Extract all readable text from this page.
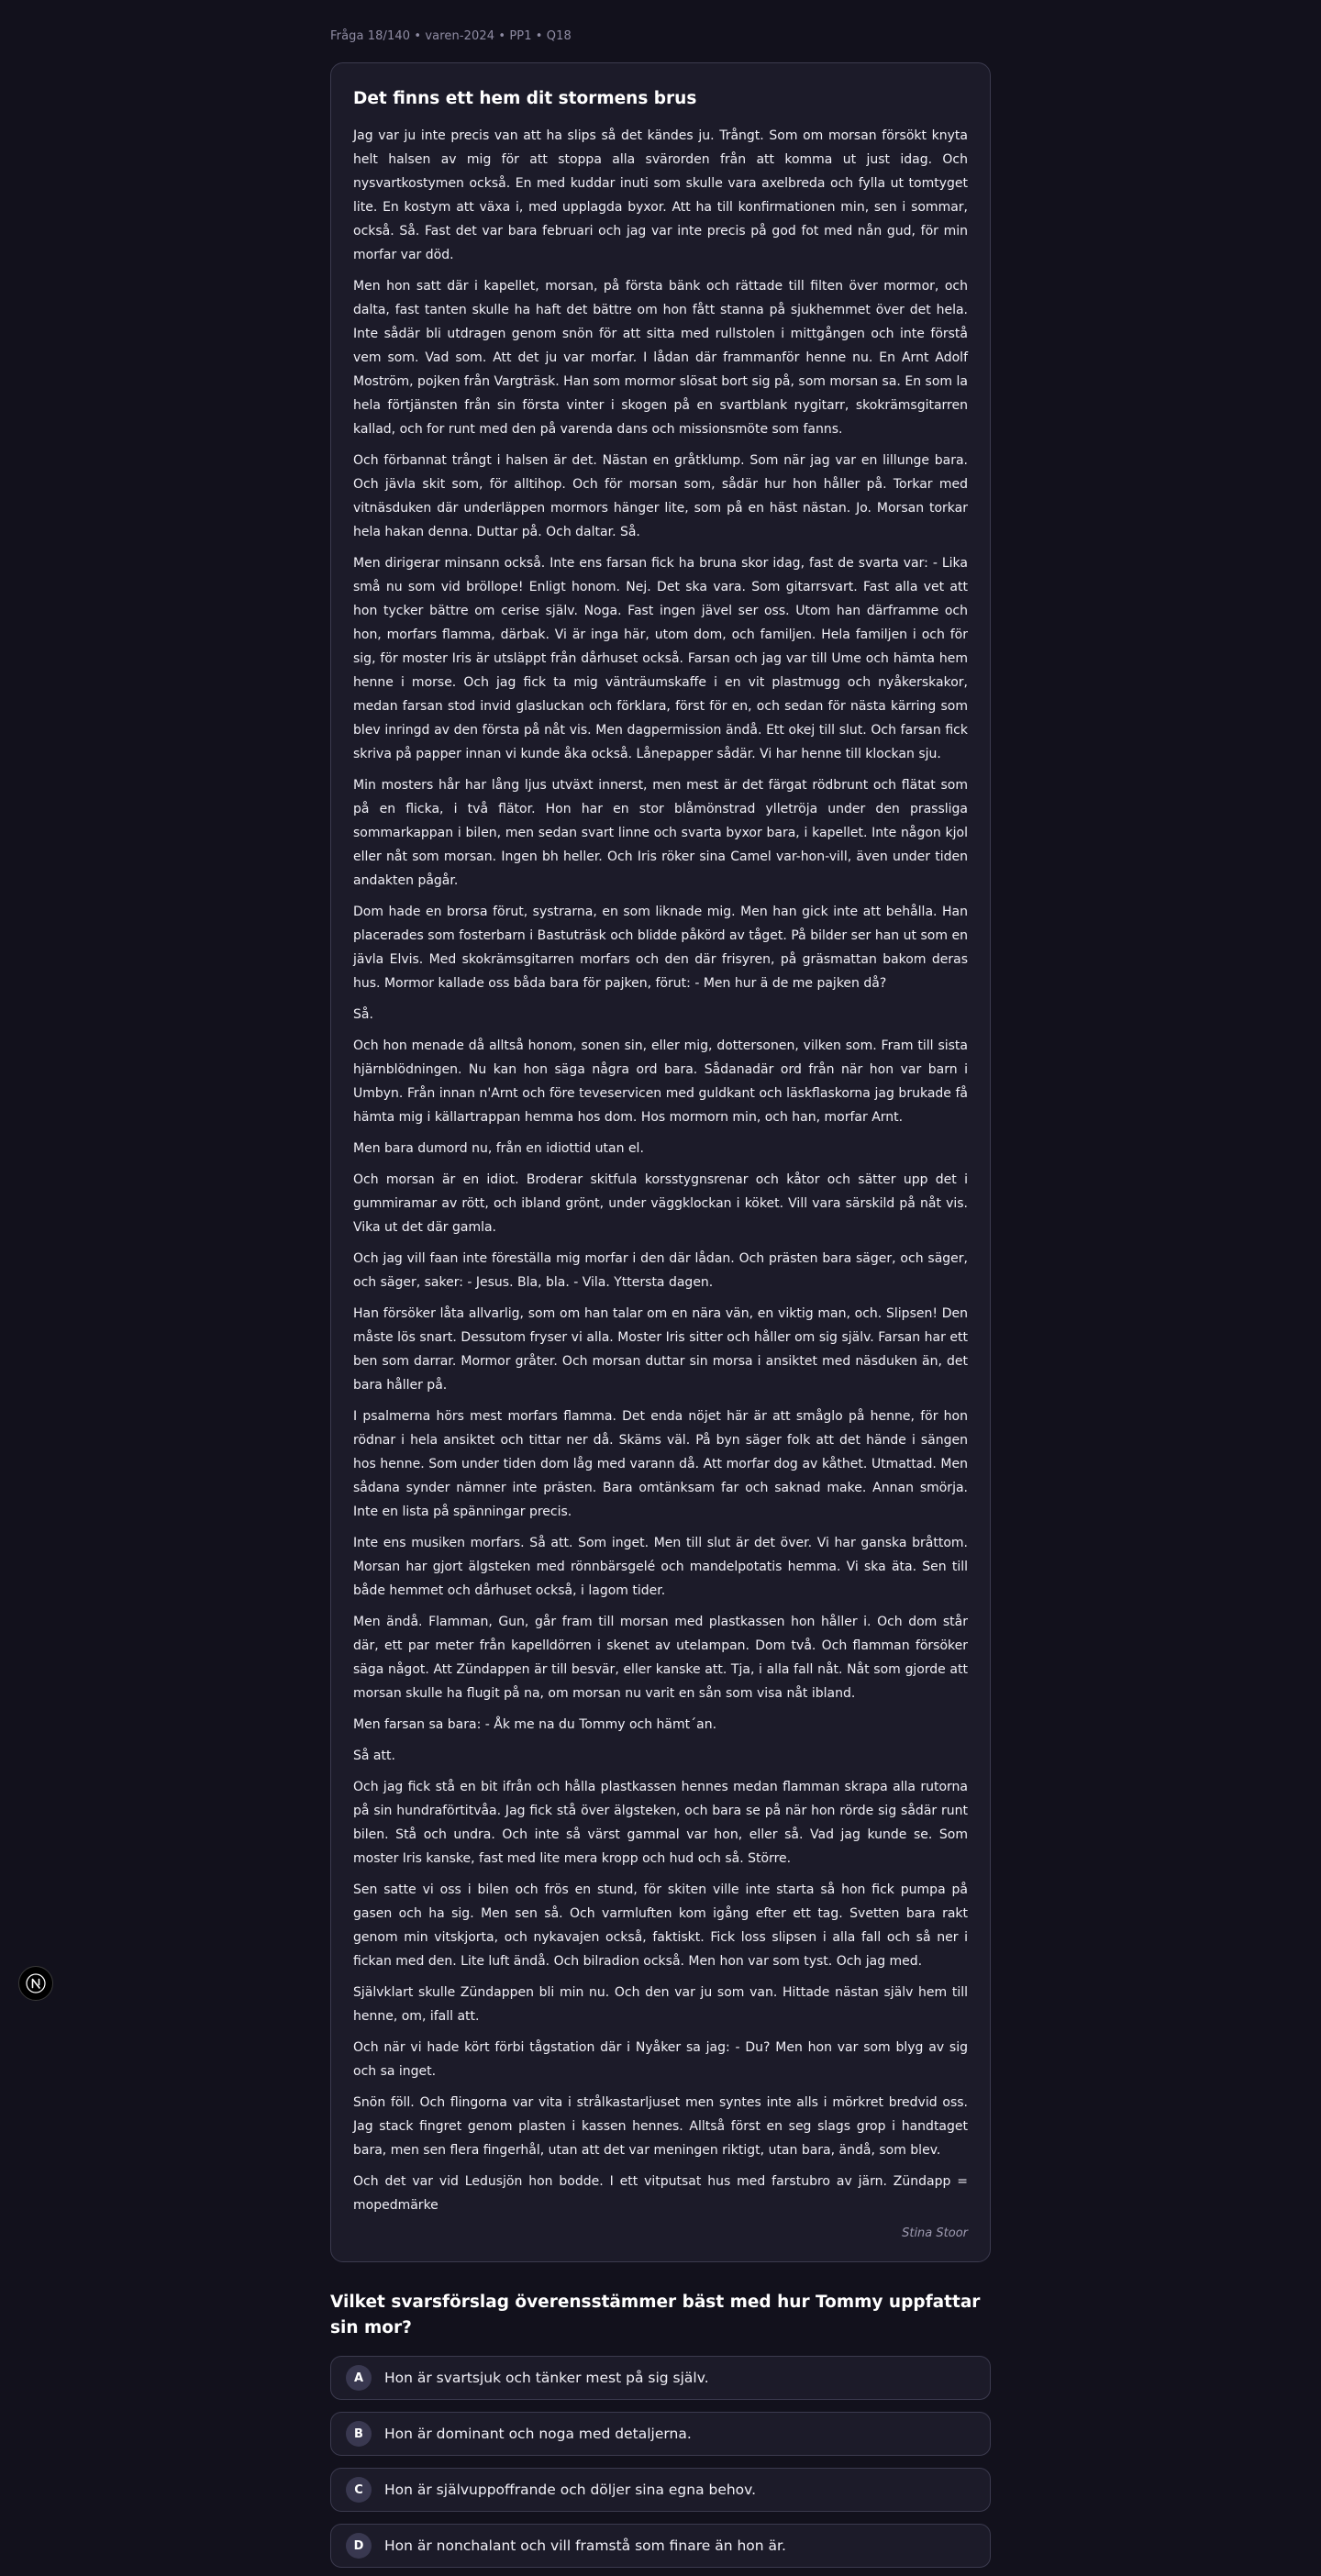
Fråga 18/140 • varen-2024 • PP1 • Q18
Det finns ett hem dit stormens brus

Jag var ju inte precis van att ha slips så det kändes ju. Trångt. Som om morsan försökt knyta helt halsen av mig för att stoppa alla svärorden från att komma ut just idag. Och nysvartkostymen också. En med kuddar inuti som skulle vara axelbreda och fylla ut tomtyget lite. En kostym att växa i, med upplagda byxor. Att ha till konfirmationen min, sen i sommar, också. Så. Fast det var bara februari och jag var inte precis på god fot med nån gud, för min morfar var död.

Men hon satt där i kapellet, morsan, på första bänk och rättade till filten över mormor, och dalta, fast tanten skulle ha haft det bättre om hon fått stanna på sjukhemmet över det hela. Inte sådär bli utdragen genom snön för att sitta med rullstolen i mittgången och inte förstå vem som. Vad som. Att det ju var morfar. I lådan där frammanför henne nu. En Arnt Adolf Moström, pojken från Vargträsk. Han som mormor slösat bort sig på, som morsan sa. En som la hela förtjänsten från sin första vinter i skogen på en svartblank nygitarr, skokrämsgitarren kallad, och for runt med den på varenda dans och missionsmöte som fanns.

Och förbannat trångt i halsen är det. Nästan en gråtklump. Som när jag var en lillunge bara. Och jävla skit som, för alltihop. Och för morsan som, sådär hur hon håller på. Torkar med vitnäsduken där underläppen mormors hänger lite, som på en häst nästan. Jo. Morsan torkar hela hakan denna. Duttar på. Och daltar. Så.

Men dirigerar minsann också. Inte ens farsan fick ha bruna skor idag, fast de svarta var: - Lika små nu som vid bröllope! Enligt honom. Nej. Det ska vara. Som gitarrsvart. Fast alla vet att hon tycker bättre om cerise själv. Noga. Fast ingen jävel ser oss. Utom han därframme och hon, morfars flamma, därbak. Vi är inga här, utom dom, och familjen. Hela familjen i och för sig, för moster Iris är utsläppt från dårhuset också. Farsan och jag var till Ume och hämta hem henne i morse. Och jag fick ta mig vänträumskaffe i en vit plastmugg och nyåkerskakor, medan farsan stod invid glasluckan och förklara, först för en, och sedan för nästa kärring som blev inringd av den första på nåt vis. Men dagpermission ändå. Ett okej till slut. Och farsan fick skriva på papper innan vi kunde åka också. Lånepapper sådär. Vi har henne till klockan sju.

Min mosters hår har lång ljus utväxt innerst, men mest är det färgat rödbrunt och flätat som på en flicka, i två flätor. Hon har en stor blåmönstrad ylletröja under den prassliga sommarkappan i bilen, men sedan svart linne och svarta byxor bara, i kapellet. Inte någon kjol eller nåt som morsan. Ingen bh heller. Och Iris röker sina Camel var-hon-vill, även under tiden andakten pågår.

Dom hade en brorsa förut, systrarna, en som liknade mig. Men han gick inte att behålla. Han placerades som fosterbarn i Bastuträsk och blidde påkörd av tåget. På bilder ser han ut som en jävla Elvis. Med skokrämsgitarren morfars och den där frisyren, på gräsmattan bakom deras hus. Mormor kallade oss båda bara för pajken, förut: - Men hur ä de me pajken då?

Så.

Och hon menade då alltså honom, sonen sin, eller mig, dottersonen, vilken som. Fram till sista hjärnblödningen. Nu kan hon säga några ord bara. Sådanadär ord från när hon var barn i Umbyn. Från innan n'Arnt och före teveservicen med guldkant och läskflaskorna jag brukade få hämta mig i källartrappan hemma hos dom. Hos mormorn min, och han, morfar Arnt.

Men bara dumord nu, från en idiottid utan el.

Och morsan är en idiot. Broderar skitfula korsstygnsrenar och kåtor och sätter upp det i gummiramar av rött, och ibland grönt, under väggklockan i köket. Vill vara särskild på nåt vis. Vika ut det där gamla.

Och jag vill faan inte föreställa mig morfar i den där lådan. Och prästen bara säger, och säger, och säger, saker: - Jesus. Bla, bla. - Vila. Yttersta dagen.

Han försöker låta allvarlig, som om han talar om en nära vän, en viktig man, och. Slipsen! Den måste lös snart. Dessutom fryser vi alla. Moster Iris sitter och håller om sig själv. Farsan har ett ben som darrar. Mormor gråter. Och morsan duttar sin morsa i ansiktet med näsduken än, det bara håller på.

I psalmerna hörs mest morfars flamma. Det enda nöjet här är att småglo på henne, för hon rödnar i hela ansiktet och tittar ner då. Skäms väl. På byn säger folk att det hände i sängen hos henne. Som under tiden dom låg med varann då. Att morfar dog av kåthet. Utmattad. Men sådana synder nämner inte prästen. Bara omtänksam far och saknad make. Annan smörja. Inte en lista på spänningar precis.

Inte ens musiken morfars. Så att. Som inget. Men till slut är det över. Vi har ganska bråttom. Morsan har gjort älgsteken med rönnbärsgelé och mandelpotatis hemma. Vi ska äta. Sen till både hemmet och dårhuset också, i lagom tider.

Men ändå. Flamman, Gun, går fram till morsan med plastkassen hon håller i. Och dom står där, ett par meter från kapelldörren i skenet av utelampan. Dom två. Och flamman försöker säga något. Att Zündappen är till besvär, eller kanske att. Tja, i alla fall nåt. Nåt som gjorde att morsan skulle ha flugit på na, om morsan nu varit en sån som visa nåt ibland.

Men farsan sa bara: - Åk me na du Tommy och hämt´an.

Så att.

Och jag fick stå en bit ifrån och hålla plastkassen hennes medan flamman skrapa alla rutorna på sin hundraförtitvåa. Jag fick stå över älgsteken, och bara se på när hon rörde sig sådär runt bilen. Stå och undra. Och inte så värst gammal var hon, eller så. Vad jag kunde se. Som moster Iris kanske, fast med lite mera kropp och hud och så. Större.

Sen satte vi oss i bilen och frös en stund, för skiten ville inte starta så hon fick pumpa på gasen och ha sig. Men sen så. Och varmluften kom igång efter ett tag. Svetten bara rakt genom min vitskjorta, och nykavajen också, faktiskt. Fick loss slipsen i alla fall och så ner i fickan med den. Lite luft ändå. Och bilradion också. Men hon var som tyst. Och jag med.

Självklart skulle Zündappen bli min nu. Och den var ju som van. Hittade nästan själv hem till henne, om, ifall att.

Och när vi hade kört förbi tågstation där i Nyåker sa jag: - Du? Men hon var som blyg av sig och sa inget.

Snön föll. Och flingorna var vita i strålkastarljuset men syntes inte alls i mörkret bredvid oss. Jag stack fingret genom plasten i kassen hennes. Alltså först en seg slags grop i handtaget bara, men sen flera fingerhål, utan att det var meningen riktigt, utan bara, ändå, som blev.

Och det var vid Ledusjön hon bodde. I ett vitputsat hus med farstubro av järn. Zündapp = mopedmärke

Stina Stoor
Vilket svarsförslag överensstämmer bäst med hur Tommy uppfattar sin mor?
A	Hon är svartsjuk och tänker mest på sig själv.
B	Hon är dominant och noga med detaljerna.
C	Hon är självuppoffrande och döljer sina egna behov.
D	Hon är nonchalant och vill framstå som finare än hon är.
